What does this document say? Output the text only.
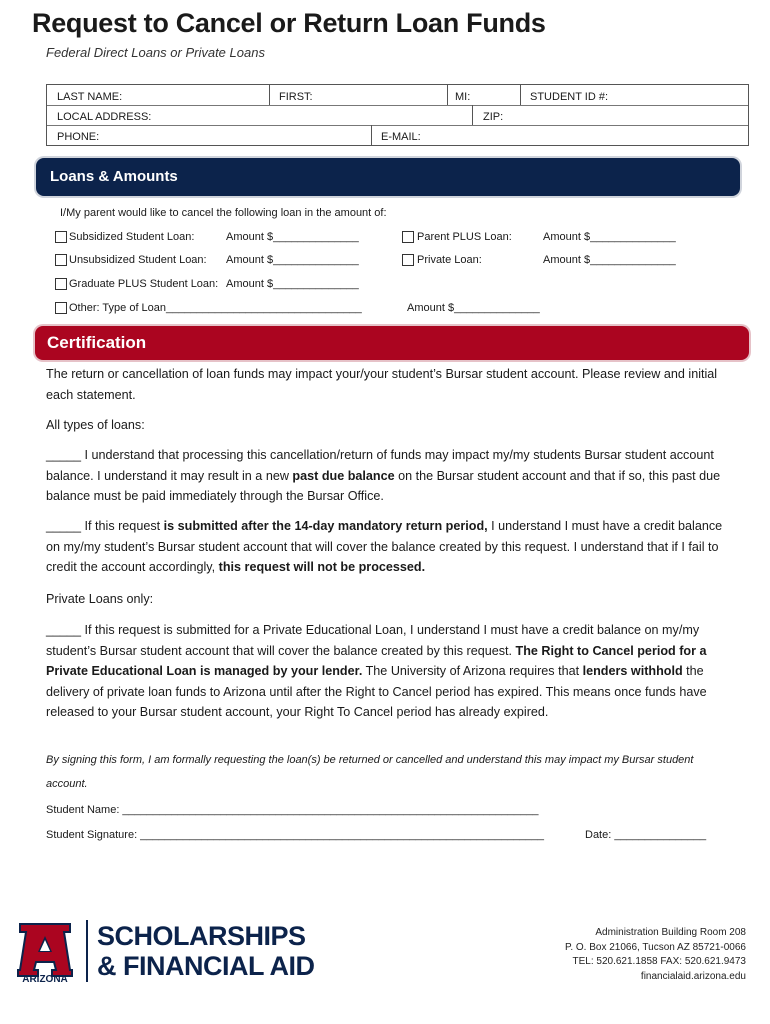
Request to Cancel or Return Loan Funds
Federal Direct Loans or Private Loans
LAST NAME:	FIRST:	MI:	STUDENT ID #:
LOCAL ADDRESS:	ZIP:
PHONE:	E-MAIL:
Loans & Amounts
I/My parent would like to cancel the following loan in the amount of:
Subsidized Student Loan:	Amount $______________	Parent PLUS Loan:	Amount $______________
Unsubsidized Student Loan: Amount $______________	Private Loan:	Amount $______________
Graduate PLUS Student Loan: Amount $______________
Other: Type of Loan________________________________	Amount $______________
Certification
The return or cancellation of loan funds may impact your/your student’s Bursar student account. Please review and initial each statement.
All types of loans:
_____ I understand that processing this cancellation/return of funds may impact my/my students Bursar student account balance. I understand it may result in a new past due balance on the Bursar student account and that if so, this past due balance must be paid immediately through the Bursar Office.
_____ If this request is submitted after the 14-day mandatory return period, I understand I must have a credit balance on my/my student’s Bursar student account that will cover the balance created by this request. I understand that if I fail to credit the account accordingly, this request will not be processed.
Private Loans only:
_____ If this request is submitted for a Private Educational Loan, I understand I must have a credit balance on my/my student’s Bursar student account that will cover the balance created by this request. The Right to Cancel period for a Private Educational Loan is managed by your lender. The University of Arizona requires that lenders withhold the delivery of private loan funds to Arizona until after the Right to Cancel period has expired. This means once funds have released to your Bursar student account, your Right To Cancel period has already expired.
By signing this form, I am formally requesting the loan(s) be returned or cancelled and understand this may impact my Bursar student account.
Student Name: ____________________________________________________________________
Student Signature: __________________________________________________________________	Date: _______________
ARIZONA
SCHOLARSHIPS
& FINANCIAL AID
Administration Building Room 208
P. O. Box 21066, Tucson AZ 85721-0066
TEL: 520.621.1858 FAX: 520.621.9473
financialaid.arizona.edu
